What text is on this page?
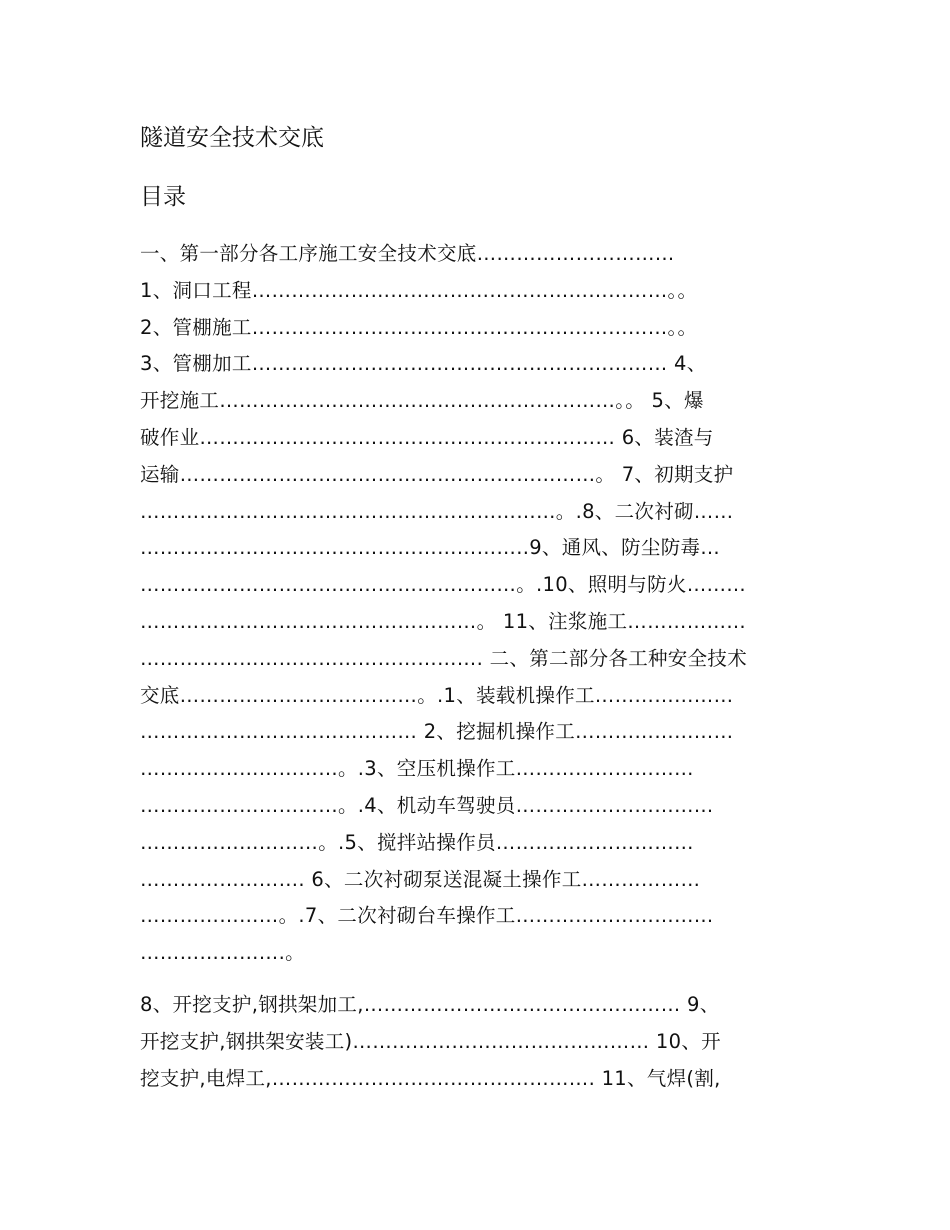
隧道安全技术交底
目录
一、第一部分各工序施工安全技术交底…………………………
1、洞口工程………………………………………………………。。
2、管棚施工………………………………………………………。。
3、管棚加工……………………………………………………… 4、
开挖施工……………………………………………………。。 5、爆
破作业……………………………………………………… 6、装渣与
运输………………………………………………………。 7、初期支护
………………………………………………………。.8、二次衬砌……
…………………………………………………..9、通风、防尘防毒…
…………………………………………………。.10、照明与防火………
……………………………………………。 11、注浆施工………………
……………………………………………. 二、第二部分各工种安全技术
交底………………………………。.1、装载机操作工…………………
…………………………………… 2、挖掘机操作工……………………
…………………………。.3、空压机操作工………………………
…………………………。.4、机动车驾驶员…………………………
………………………。.5、搅拌站操作员…………………………
……………………. 6、二次衬砌泵送混凝土操作工………………
…………………。.7、二次衬砌台车操作工…………………………
………………….。
8、开挖支护,钢拱架加工,………………………………………… 9、
开挖支护,钢拱架安装工)……………………………………… 10、开
挖支护,电焊工,…………………………………………. 11、气焊(割,
